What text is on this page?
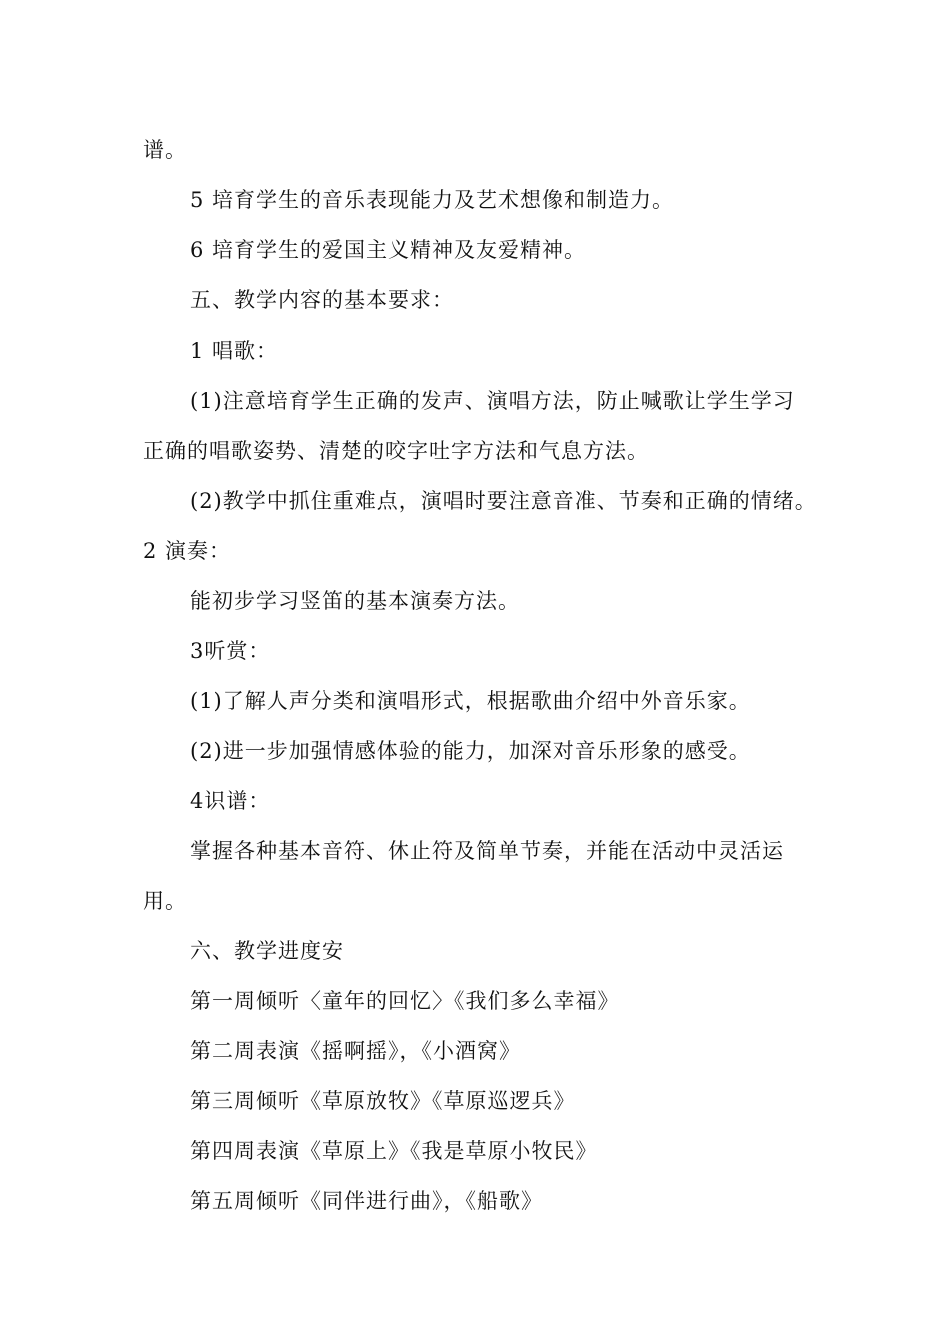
谱。
5 培育学生的音乐表现能力及艺术想像和制造力。
6 培育学生的爱国主义精神及友爱精神。
五、教学内容的基本要求：
1 唱歌：
(1)注意培育学生正确的发声、演唱方法，防止喊歌让学生学习
正确的唱歌姿势、清楚的咬字吐字方法和气息方法。
(2)教学中抓住重难点，演唱时要注意音准、节奏和正确的情绪。
2 演奏：
能初步学习竖笛的基本演奏方法。
3听赏：
(1)了解人声分类和演唱形式，根据歌曲介绍中外音乐家。
(2)进一步加强情感体验的能力，加深对音乐形象的感受。
4识谱：
掌握各种基本音符、休止符及简单节奏，并能在活动中灵活运
用。
六、教学进度安
第一周倾听〈童年的回忆〉《我们多么幸福》
第二周表演《摇啊摇》，《小酒窝》
第三周倾听《草原放牧》《草原巡逻兵》
第四周表演《草原上》《我是草原小牧民》
第五周倾听《同伴进行曲》，《船歌》
